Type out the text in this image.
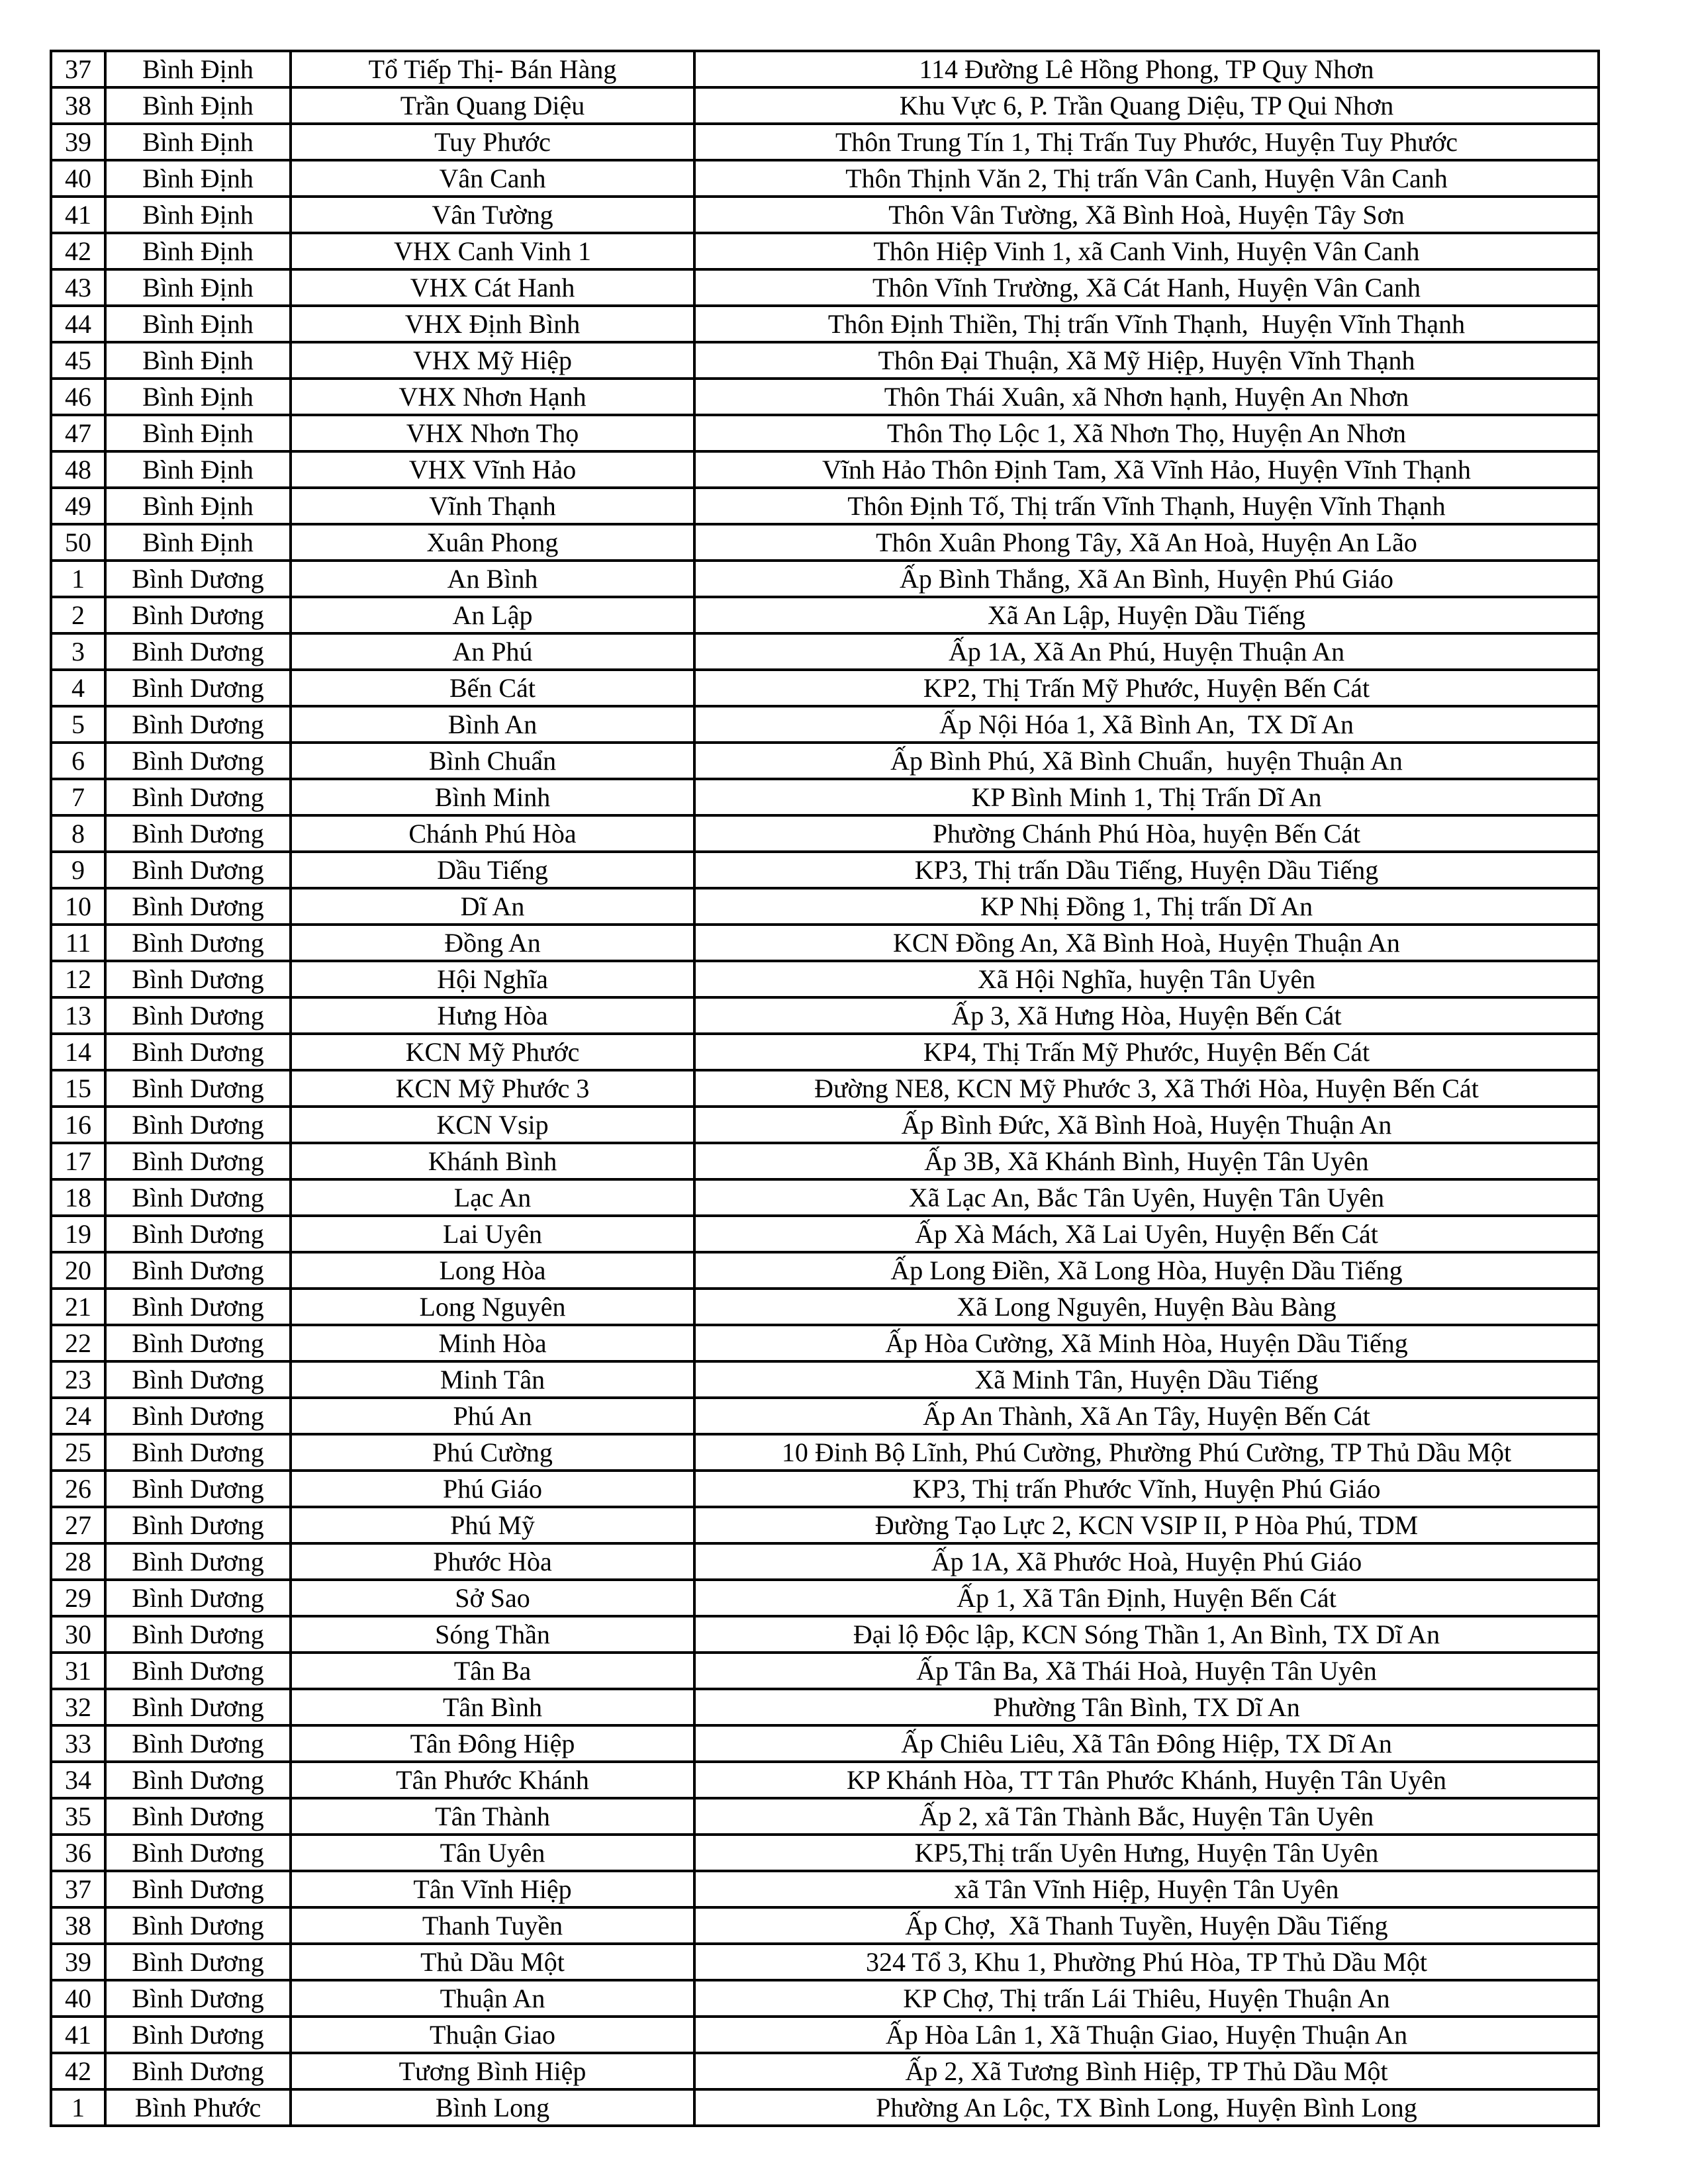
37	Bình Định	Tổ Tiếp Thị- Bán Hàng	114 Đường Lê Hồng Phong, TP Quy Nhơn
38	Bình Định	Trần Quang Diệu	Khu Vực 6, P. Trần Quang Diệu, TP Qui Nhơn
39	Bình Định	Tuy Phước	Thôn Trung Tín 1, Thị Trấn Tuy Phước, Huyện Tuy Phước
40	Bình Định	Vân Canh	Thôn Thịnh Văn 2, Thị trấn Vân Canh, Huyện Vân Canh
41	Bình Định	Vân Tường	Thôn Vân Tường, Xã Bình Hoà, Huyện Tây Sơn
42	Bình Định	VHX Canh Vinh 1	Thôn Hiệp Vinh 1, xã Canh Vinh, Huyện Vân Canh
43	Bình Định	VHX Cát Hanh	Thôn Vĩnh Trường, Xã Cát Hanh, Huyện Vân Canh
44	Bình Định	VHX Định Bình	Thôn Định Thiền, Thị trấn Vĩnh Thạnh,  Huyện Vĩnh Thạnh
45	Bình Định	VHX Mỹ Hiệp	Thôn Đại Thuận, Xã Mỹ Hiệp, Huyện Vĩnh Thạnh
46	Bình Định	VHX Nhơn Hạnh	Thôn Thái Xuân, xã Nhơn hạnh, Huyện An Nhơn
47	Bình Định	VHX Nhơn Thọ	Thôn Thọ Lộc 1, Xã Nhơn Thọ, Huyện An Nhơn
48	Bình Định	VHX Vĩnh Hảo	Vĩnh Hảo Thôn Định Tam, Xã Vĩnh Hảo, Huyện Vĩnh Thạnh
49	Bình Định	Vĩnh Thạnh	Thôn Định Tố, Thị trấn Vĩnh Thạnh, Huyện Vĩnh Thạnh
50	Bình Định	Xuân Phong	Thôn Xuân Phong Tây, Xã An Hoà, Huyện An Lão
1	Bình Dương	An Bình	Ấp Bình Thắng, Xã An Bình, Huyện Phú Giáo
2	Bình Dương	An Lập	Xã An Lập, Huyện Dầu Tiếng
3	Bình Dương	An Phú	Ấp 1A, Xã An Phú, Huyện Thuận An
4	Bình Dương	Bến Cát	KP2, Thị Trấn Mỹ Phước, Huyện Bến Cát
5	Bình Dương	Bình An	Ấp Nội Hóa 1, Xã Bình An,  TX Dĩ An
6	Bình Dương	Bình Chuẩn	Ấp Bình Phú, Xã Bình Chuẩn,  huyện Thuận An
7	Bình Dương	Bình Minh	KP Bình Minh 1, Thị Trấn Dĩ An
8	Bình Dương	Chánh Phú Hòa	Phường Chánh Phú Hòa, huyện Bến Cát
9	Bình Dương	Dầu Tiếng	KP3, Thị trấn Dầu Tiếng, Huyện Dầu Tiếng
10	Bình Dương	Dĩ An	KP Nhị Đồng 1, Thị trấn Dĩ An
11	Bình Dương	Đồng An	KCN Đồng An, Xã Bình Hoà, Huyện Thuận An
12	Bình Dương	Hội Nghĩa	Xã Hội Nghĩa, huyện Tân Uyên
13	Bình Dương	Hưng Hòa	Ấp 3, Xã Hưng Hòa, Huyện Bến Cát
14	Bình Dương	KCN Mỹ Phước	KP4, Thị Trấn Mỹ Phước, Huyện Bến Cát
15	Bình Dương	KCN Mỹ Phước 3	Đường NE8, KCN Mỹ Phước 3, Xã Thới Hòa, Huyện Bến Cát
16	Bình Dương	KCN Vsip	Ấp Bình Đức, Xã Bình Hoà, Huyện Thuận An
17	Bình Dương	Khánh Bình	Ấp 3B, Xã Khánh Bình, Huyện Tân Uyên
18	Bình Dương	Lạc An	Xã Lạc An, Bắc Tân Uyên, Huyện Tân Uyên
19	Bình Dương	Lai Uyên	Ấp Xà Mách, Xã Lai Uyên, Huyện Bến Cát
20	Bình Dương	Long Hòa	Ấp Long Điền, Xã Long Hòa, Huyện Dầu Tiếng
21	Bình Dương	Long Nguyên	Xã Long Nguyên, Huyện Bàu Bàng
22	Bình Dương	Minh Hòa	Ấp Hòa Cường, Xã Minh Hòa, Huyện Dầu Tiếng
23	Bình Dương	Minh Tân	Xã Minh Tân, Huyện Dầu Tiếng
24	Bình Dương	Phú An	Ấp An Thành, Xã An Tây, Huyện Bến Cát
25	Bình Dương	Phú Cường	10 Đinh Bộ Lĩnh, Phú Cường, Phường Phú Cường, TP Thủ Dầu Một
26	Bình Dương	Phú Giáo	KP3, Thị trấn Phước Vĩnh, Huyện Phú Giáo
27	Bình Dương	Phú Mỹ	Đường Tạo Lực 2, KCN VSIP II, P Hòa Phú, TDM
28	Bình Dương	Phước Hòa	Ấp 1A, Xã Phước Hoà, Huyện Phú Giáo
29	Bình Dương	Sở Sao	Ấp 1, Xã Tân Định, Huyện Bến Cát
30	Bình Dương	Sóng Thần	Đại lộ Độc lập, KCN Sóng Thần 1, An Bình, TX Dĩ An
31	Bình Dương	Tân Ba	Ấp Tân Ba, Xã Thái Hoà, Huyện Tân Uyên
32	Bình Dương	Tân Bình	Phường Tân Bình, TX Dĩ An
33	Bình Dương	Tân Đông Hiệp	Ấp Chiêu Liêu, Xã Tân Đông Hiệp, TX Dĩ An
34	Bình Dương	Tân Phước Khánh	KP Khánh Hòa, TT Tân Phước Khánh, Huyện Tân Uyên
35	Bình Dương	Tân Thành	Ấp 2, xã Tân Thành Bắc, Huyện Tân Uyên
36	Bình Dương	Tân Uyên	KP5,Thị trấn Uyên Hưng, Huyện Tân Uyên
37	Bình Dương	Tân Vĩnh Hiệp	xã Tân Vĩnh Hiệp, Huyện Tân Uyên
38	Bình Dương	Thanh Tuyền	Ấp Chợ,  Xã Thanh Tuyền, Huyện Dầu Tiếng
39	Bình Dương	Thủ Dầu Một	324 Tổ 3, Khu 1, Phường Phú Hòa, TP Thủ Dầu Một
40	Bình Dương	Thuận An	KP Chợ, Thị trấn Lái Thiêu, Huyện Thuận An
41	Bình Dương	Thuận Giao	Ấp Hòa Lân 1, Xã Thuận Giao, Huyện Thuận An
42	Bình Dương	Tương Bình Hiệp	Ấp 2, Xã Tương Bình Hiệp, TP Thủ Dầu Một
1	Bình Phước	Bình Long	Phường An Lộc, TX Bình Long, Huyện Bình Long
